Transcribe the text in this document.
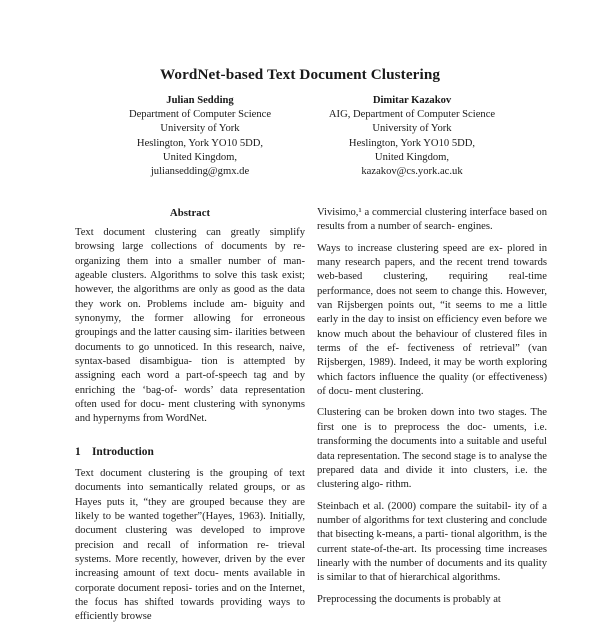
WordNet-based Text Document Clustering
Julian Sedding
Department of Computer Science
University of York
Heslington, York YO10 5DD,
United Kingdom,
juliansedding@gmx.de
Dimitar Kazakov
AIG, Department of Computer Science
University of York
Heslington, York YO10 5DD,
United Kingdom,
kazakov@cs.york.ac.uk
Abstract

Text document clustering can greatly simplify browsing large collections of documents by re- organizing them into a smaller number of man- ageable clusters. Algorithms to solve this task exist; however, the algorithms are only as good as the data they work on. Problems include am- biguity and synonymy, the former allowing for erroneous groupings and the latter causing sim- ilarities between documents to go unnoticed. In this research, naive, syntax-based disambigua- tion is attempted by assigning each word a part-of-speech tag and by enriching the ‘bag-of- words’ data representation often used for docu- ment clustering with synonyms and hypernyms from WordNet.

1 Introduction

Text document clustering is the grouping of text documents into semantically related groups, or as Hayes puts it, “they are grouped because they are likely to be wanted together”(Hayes, 1963). Initially, document clustering was developed to improve precision and recall of information re- trieval systems. More recently, however, driven by the ever increasing amount of text docu- ments available in corporate document reposi- tories and on the Internet, the focus has shifted towards providing ways to efficiently browse

Vivisimo,¹ a commercial clustering interface based on results from a number of search- engines.

Ways to increase clustering speed are ex- plored in many research papers, and the recent trend towards web-based clustering, requiring real-time performance, does not seem to change this. However, van Rijsbergen points out, “it seems to me a little early in the day to insist on efficiency even before we know much about the behaviour of clustered files in terms of the ef- fectiveness of retrieval” (van Rijsbergen, 1989). Indeed, it may be worth exploring which factors influence the quality (or effectiveness) of docu- ment clustering.

Clustering can be broken down into two stages. The first one is to preprocess the doc- uments, i.e. transforming the documents into a suitable and useful data representation. The second stage is to analyse the prepared data and divide it into clusters, i.e. the clustering algo- rithm.

Steinbach et al. (2000) compare the suitabil- ity of a number of algorithms for text clustering and conclude that bisecting k-means, a parti- tional algorithm, is the current state-of-the-art. Its processing time increases linearly with the number of documents and its quality is similar to that of hierarchical algorithms.

Preprocessing the documents is probably at
